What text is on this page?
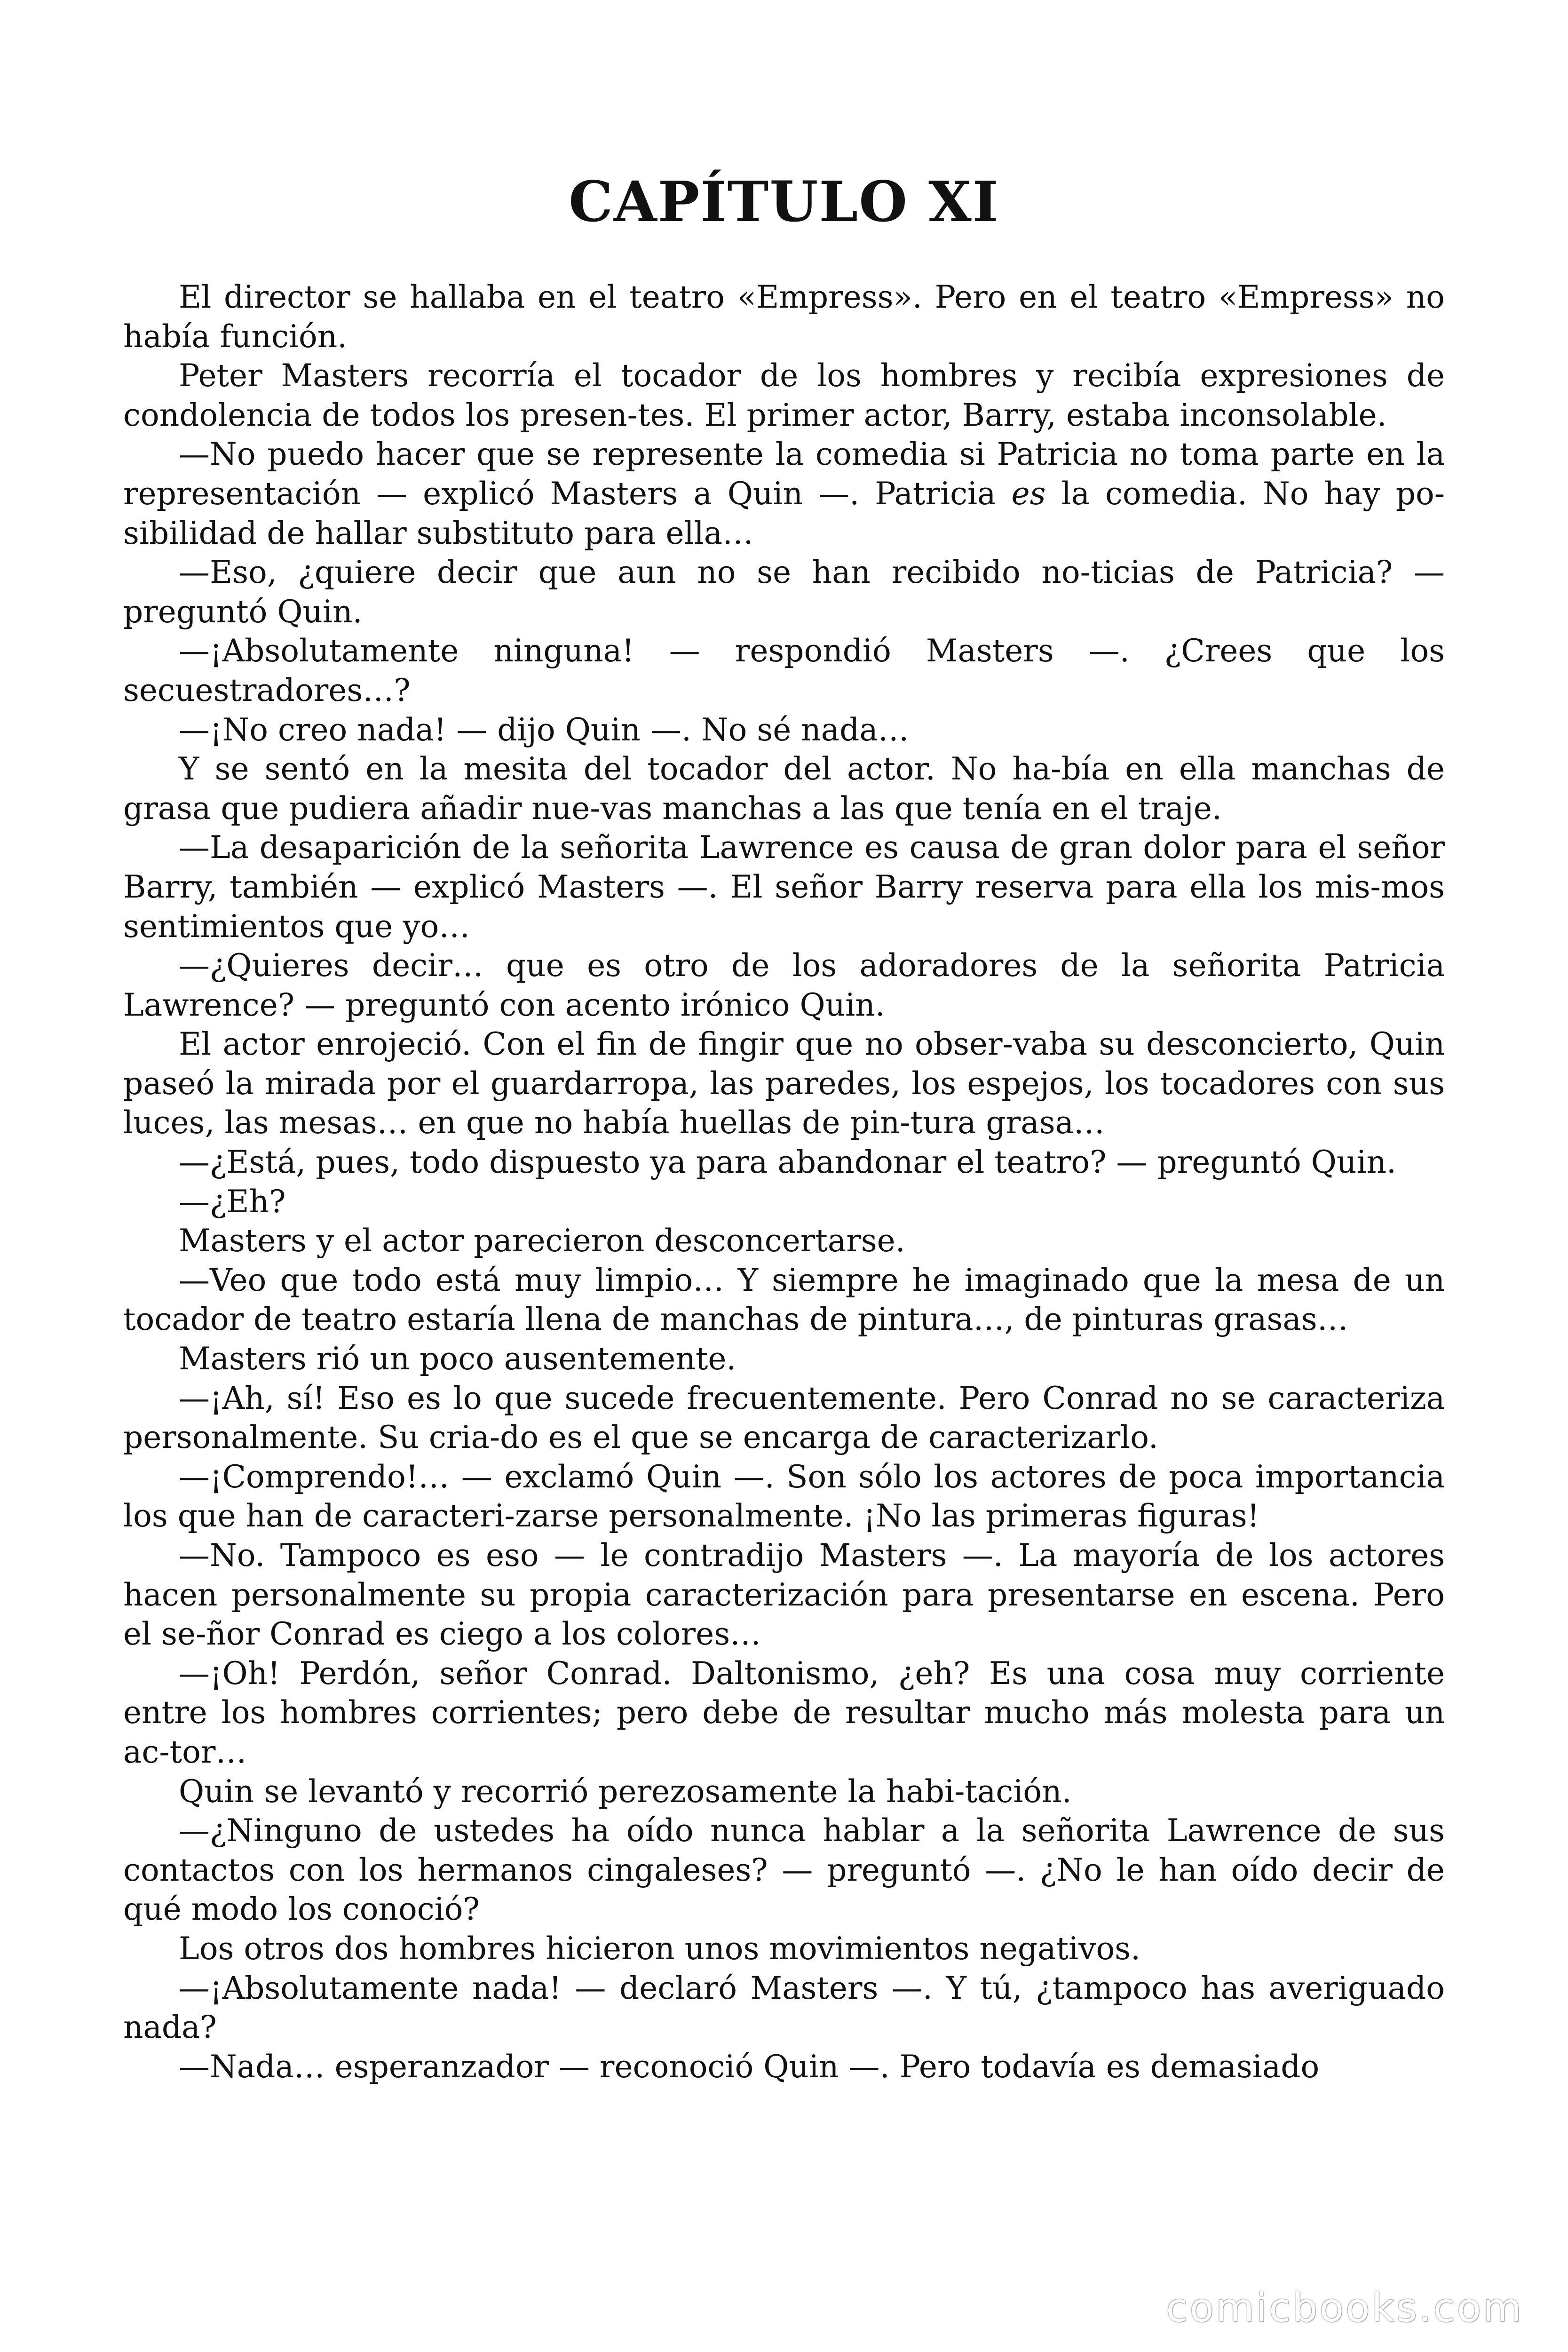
CAPÍTULO XI

El director se hallaba en el teatro «Empress». Pero en el teatro «Empress» no había función.

Peter Masters recorría el tocador de los hombres y recibía expresiones de condolencia de todos los presen-tes. El primer actor, Barry, estaba inconsolable.

—No puedo hacer que se represente la comedia si Patricia no toma parte en la representación — explicó Masters a Quin —. Patricia es la comedia. No hay po-sibilidad de hallar substituto para ella…

—Eso, ¿quiere decir que aun no se han recibido no-ticias de Patricia? — preguntó Quin.

—¡Absolutamente ninguna! — respondió Masters —. ¿Crees que los secuestradores…?

—¡No creo nada! — dijo Quin —. No sé nada…

Y se sentó en la mesita del tocador del actor. No ha-bía en ella manchas de grasa que pudiera añadir nue-vas manchas a las que tenía en el traje.

—La desaparición de la señorita Lawrence es causa de gran dolor para el señor Barry, también — explicó Masters —. El señor Barry reserva para ella los mis-mos sentimientos que yo…

—¿Quieres decir… que es otro de los adoradores de la señorita Patricia Lawrence? — preguntó con acento irónico Quin.

El actor enrojeció. Con el fin de fingir que no obser-vaba su desconcierto, Quin paseó la mirada por el guardarropa, las paredes, los espejos, los tocadores con sus luces, las mesas… en que no había huellas de pin-tura grasa…

—¿Está, pues, todo dispuesto ya para abandonar el teatro? — preguntó Quin.

—¿Eh?

Masters y el actor parecieron desconcertarse.

—Veo que todo está muy limpio… Y siempre he imaginado que la mesa de un tocador de teatro estaría llena de manchas de pintura…, de pinturas grasas…

Masters rió un poco ausentemente.

—¡Ah, sí! Eso es lo que sucede frecuentemente. Pero Conrad no se caracteriza personalmente. Su cria-do es el que se encarga de caracterizarlo.

—¡Comprendo!… — exclamó Quin —. Son sólo los actores de poca importancia los que han de caracteri-zarse personalmente. ¡No las primeras figuras!

—No. Tampoco es eso — le contradijo Masters —. La mayoría de los actores hacen personalmente su propia caracterización para presentarse en escena. Pero el se-ñor Conrad es ciego a los colores…

—¡Oh! Perdón, señor Conrad. Daltonismo, ¿eh? Es una cosa muy corriente entre los hombres corrientes; pero debe de resultar mucho más molesta para un ac-tor…

Quin se levantó y recorrió perezosamente la habi-tación.

—¿Ninguno de ustedes ha oído nunca hablar a la señorita Lawrence de sus contactos con los hermanos cingaleses? — preguntó —. ¿No le han oído decir de qué modo los conoció?

Los otros dos hombres hicieron unos movimientos negativos.

—¡Absolutamente nada! — declaró Masters —. Y tú, ¿tampoco has averiguado nada?

—Nada… esperanzador — reconoció Quin —. Pero todavía es demasiado

comicbooks.com
